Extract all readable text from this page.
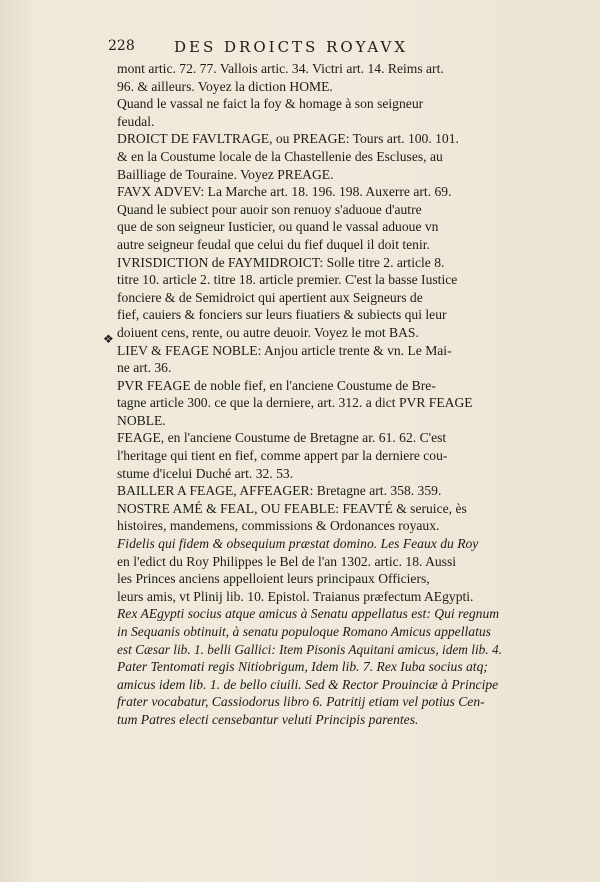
228	DES DROICTS ROYAVX
❖
mont artic. 72. 77. Vallois artic. 34. Victri art. 14. Reims art.
96. & ailleurs. Voyez la diction HOME.
Quand le vassal ne faict la foy & homage à son seigneur
feudal.
DROICT DE FAVLTRAGE, ou PREAGE: Tours art. 100. 101.
& en la Coustume locale de la Chastellenie des Escluses, au
Bailliage de Touraine. Voyez PREAGE.
FAVX ADVEV: La Marche art. 18. 196. 198. Auxerre art. 69.
Quand le subiect pour auoir son renuoy s'aduoue d'autre
que de son seigneur Iusticier, ou quand le vassal aduoue vn
autre seigneur feudal que celui du fief duquel il doit tenir.
IVRISDICTION de FAYMIDROICT: Solle titre 2. article 8.
titre 10. article 2. titre 18. article premier. C'est la basse Iustice
fonciere & de Semidroict qui apertient aux Seigneurs de
fief, cauiers & fonciers sur leurs fiuatiers & subiects qui leur
doiuent cens, rente, ou autre deuoir. Voyez le mot BAS.
LIEV & FEAGE NOBLE: Anjou article trente & vn. Le Mai-
ne art. 36.
PVR FEAGE de noble fief, en l'anciene Coustume de Bre-
tagne article 300. ce que la derniere, art. 312. a dict PVR FEAGE
NOBLE.
FEAGE, en l'anciene Coustume de Bretagne ar. 61. 62. C'est
l'heritage qui tient en fief, comme appert par la derniere cou-
stume d'icelui Duché art. 32. 53.
BAILLER A FEAGE, AFFEAGER: Bretagne art. 358. 359.
NOSTRE AMÉ & FEAL, OU FEABLE: FEAVTÉ & seruice, ès
histoires, mandemens, commissions & Ordonances royaux.
Fidelis qui fidem & obsequium præstat domino. Les Feaux du Roy
en l'edict du Roy Philippes le Bel de l'an 1302. artic. 18. Aussi
les Princes anciens appelloient leurs principaux Officiers,
leurs amis, vt Plinij lib. 10. Epistol. Traianus præfectum AEgypti.
Rex AEgypti socius atque amicus à Senatu appellatus est: Qui regnum
in Sequanis obtinuit, à senatu populoque Romano Amicus appellatus
est Cæsar lib. 1. belli Gallici: Item Pisonis Aquitani amicus, idem lib. 4.
Pater Tentomati regis Nitiobrigum, Idem lib. 7. Rex Iuba socius atq;
amicus idem lib. 1. de bello ciuili. Sed & Rector Prouinciæ à Principe
frater vocabatur, Cassiodorus libro 6. Patritij etiam vel potius Cen-
tum Patres electi censebantur veluti Principis parentes.
